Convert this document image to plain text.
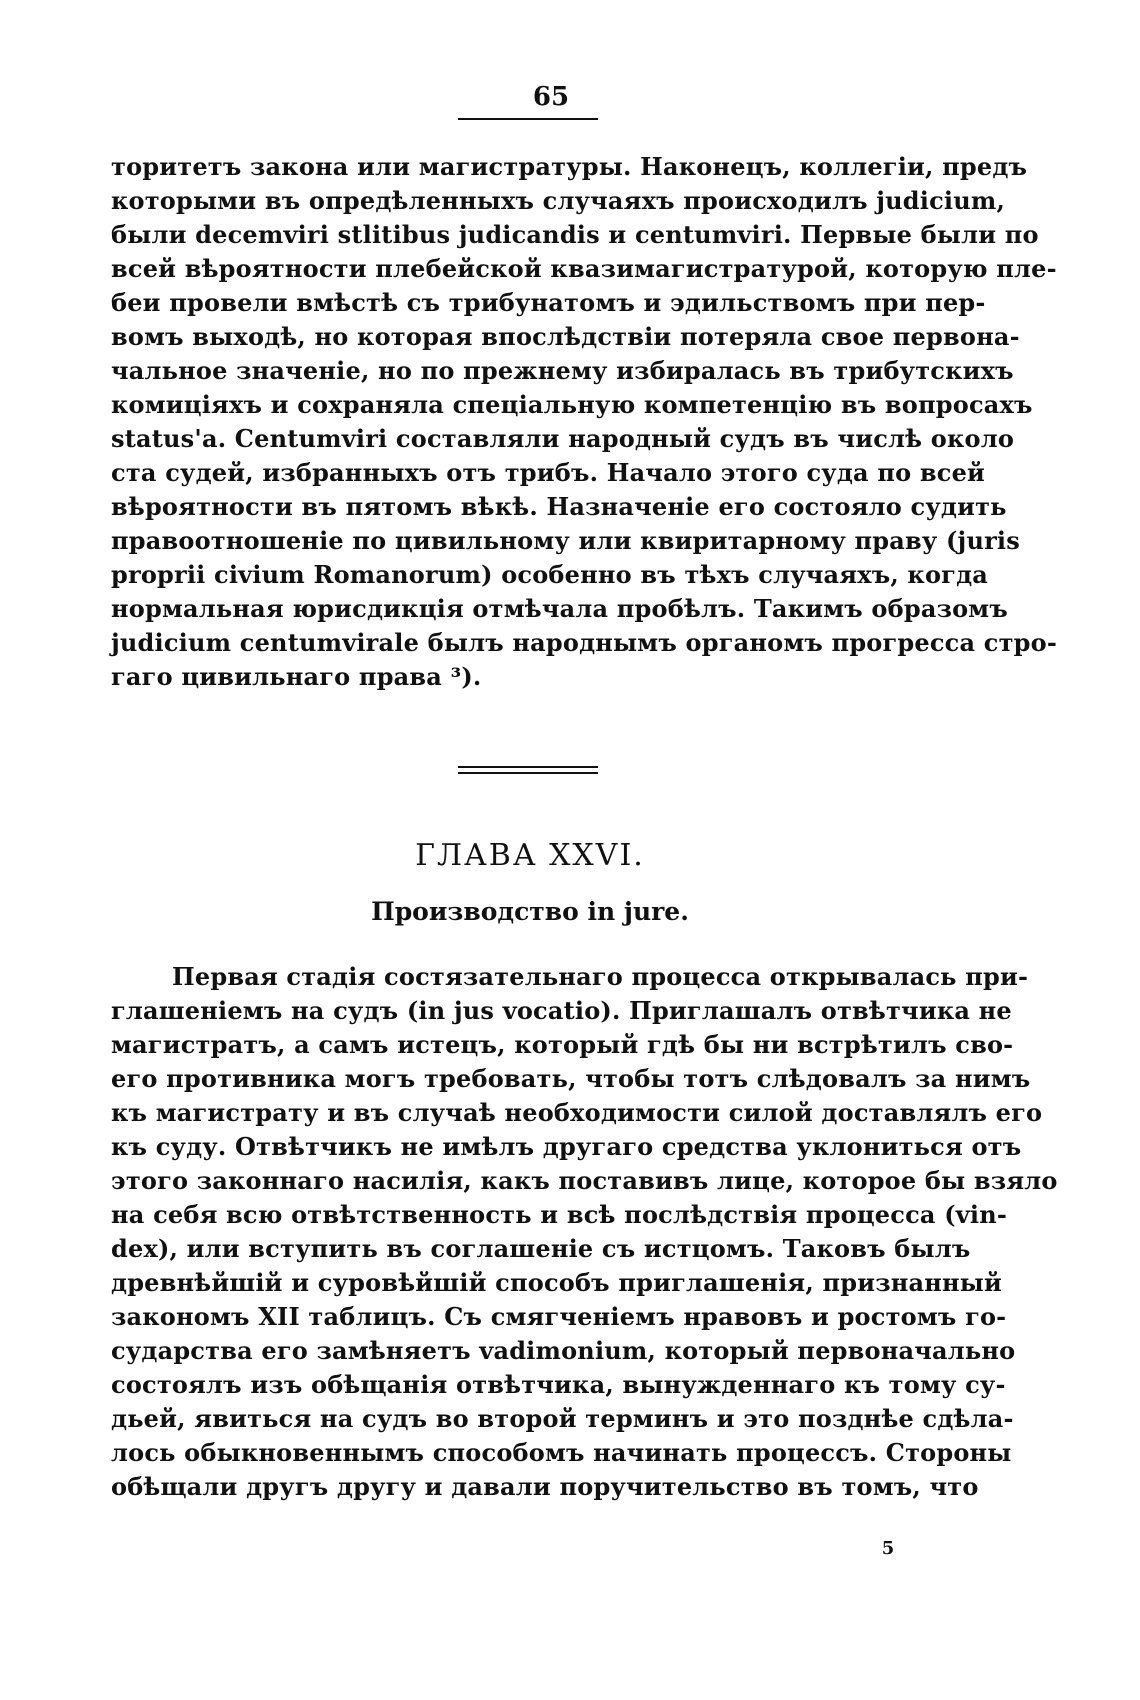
65
торитетъ закона или магистратуры. Наконецъ, коллегіи, предъ
которыми въ опредѣленныхъ случаяхъ происходилъ judicium,
были decemviri stlitibus judicandis и centumviri. Первые были по
всей вѣроятности плебейской квазимагистратурой, которую пле-
беи провели вмѣстѣ съ трибунатомъ и эдильствомъ при пер-
вомъ выходѣ, но которая впослѣдствіи потеряла свое первона-
чальное значеніе, но по прежнему избиралась въ трибутскихъ
комиціяхъ и сохраняла спеціальную компетенцію въ вопросахъ
status'а. Centumviri составляли народный судъ въ числѣ около
ста судей, избранныхъ отъ трибъ. Начало этого суда по всей
вѣроятности въ пятомъ вѣкѣ. Назначеніе его состояло судить
правоотношеніе по цивильному или квиритарному праву (juris
proprii civium Romanorum) особенно въ тѣхъ случаяхъ, когда
нормальная юрисдикція отмѣчала пробѣлъ. Такимъ образомъ
judicium centumvirale былъ народнымъ органомъ прогресса стро-
гаго цивильнаго права ³).
ГЛАВА XXVI.
Производство in jure.
Первая стадія состязательнаго процесса открывалась при-
глашеніемъ на судъ (in jus vocatio). Приглашалъ отвѣтчика не
магистратъ, а самъ истецъ, который гдѣ бы ни встрѣтилъ сво-
его противника могъ требовать, чтобы тотъ слѣдовалъ за нимъ
къ магистрату и въ случаѣ необходимости силой доставлялъ его
къ суду. Отвѣтчикъ не имѣлъ другаго средства уклониться отъ
этого законнаго насилія, какъ поставивъ лице, которое бы взяло
на себя всю отвѣтственность и всѣ послѣдствія процесса (vin-
dex), или вступить въ соглашеніе съ истцомъ. Таковъ былъ
древнѣйшій и суровѣйшій способъ приглашенія, признанный
закономъ XII таблицъ. Съ смягченіемъ нравовъ и ростомъ го-
сударства его замѣняетъ vadimonium, который первоначально
состоялъ изъ обѣщанія отвѣтчика, вынужденнаго къ тому су-
дьей, явиться на судъ во второй терминъ и это позднѣе сдѣла-
лось обыкновеннымъ способомъ начинать процессъ. Стороны
обѣщали другъ другу и давали поручительство въ томъ, что
5
